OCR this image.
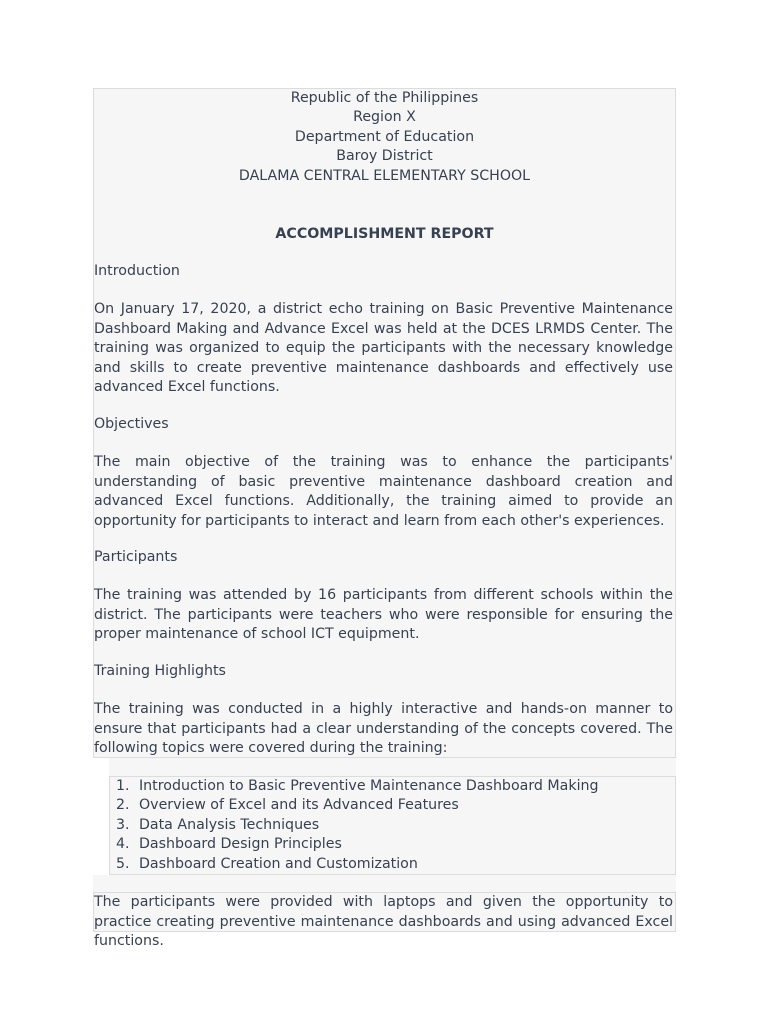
Republic of the Philippines

Region X

Department of Education

Baroy District

DALAMA CENTRAL ELEMENTARY SCHOOL

ACCOMPLISHMENT REPORT

Introduction

On January 17, 2020, a district echo training on Basic Preventive Maintenance Dashboard Making and Advance Excel was held at the DCES LRMDS Center. The training was organized to equip the participants with the necessary knowledge and skills to create preventive maintenance dashboards and effectively use advanced Excel functions.

Objectives

The main objective of the training was to enhance the participants' understanding of basic preventive maintenance dashboard creation and advanced Excel functions. Additionally, the training aimed to provide an opportunity for participants to interact and learn from each other's experiences.

Participants

The training was attended by 16 participants from different schools within the district. The participants were teachers who were responsible for ensuring the proper maintenance of school ICT equipment.

Training Highlights

The training was conducted in a highly interactive and hands-on manner to ensure that participants had a clear understanding of the concepts covered. The following topics were covered during the training:

1. Introduction to Basic Preventive Maintenance Dashboard Making
2. Overview of Excel and its Advanced Features
3. Data Analysis Techniques
4. Dashboard Design Principles
5. Dashboard Creation and Customization

The participants were provided with laptops and given the opportunity to practice creating preventive maintenance dashboards and using advanced Excel functions.
